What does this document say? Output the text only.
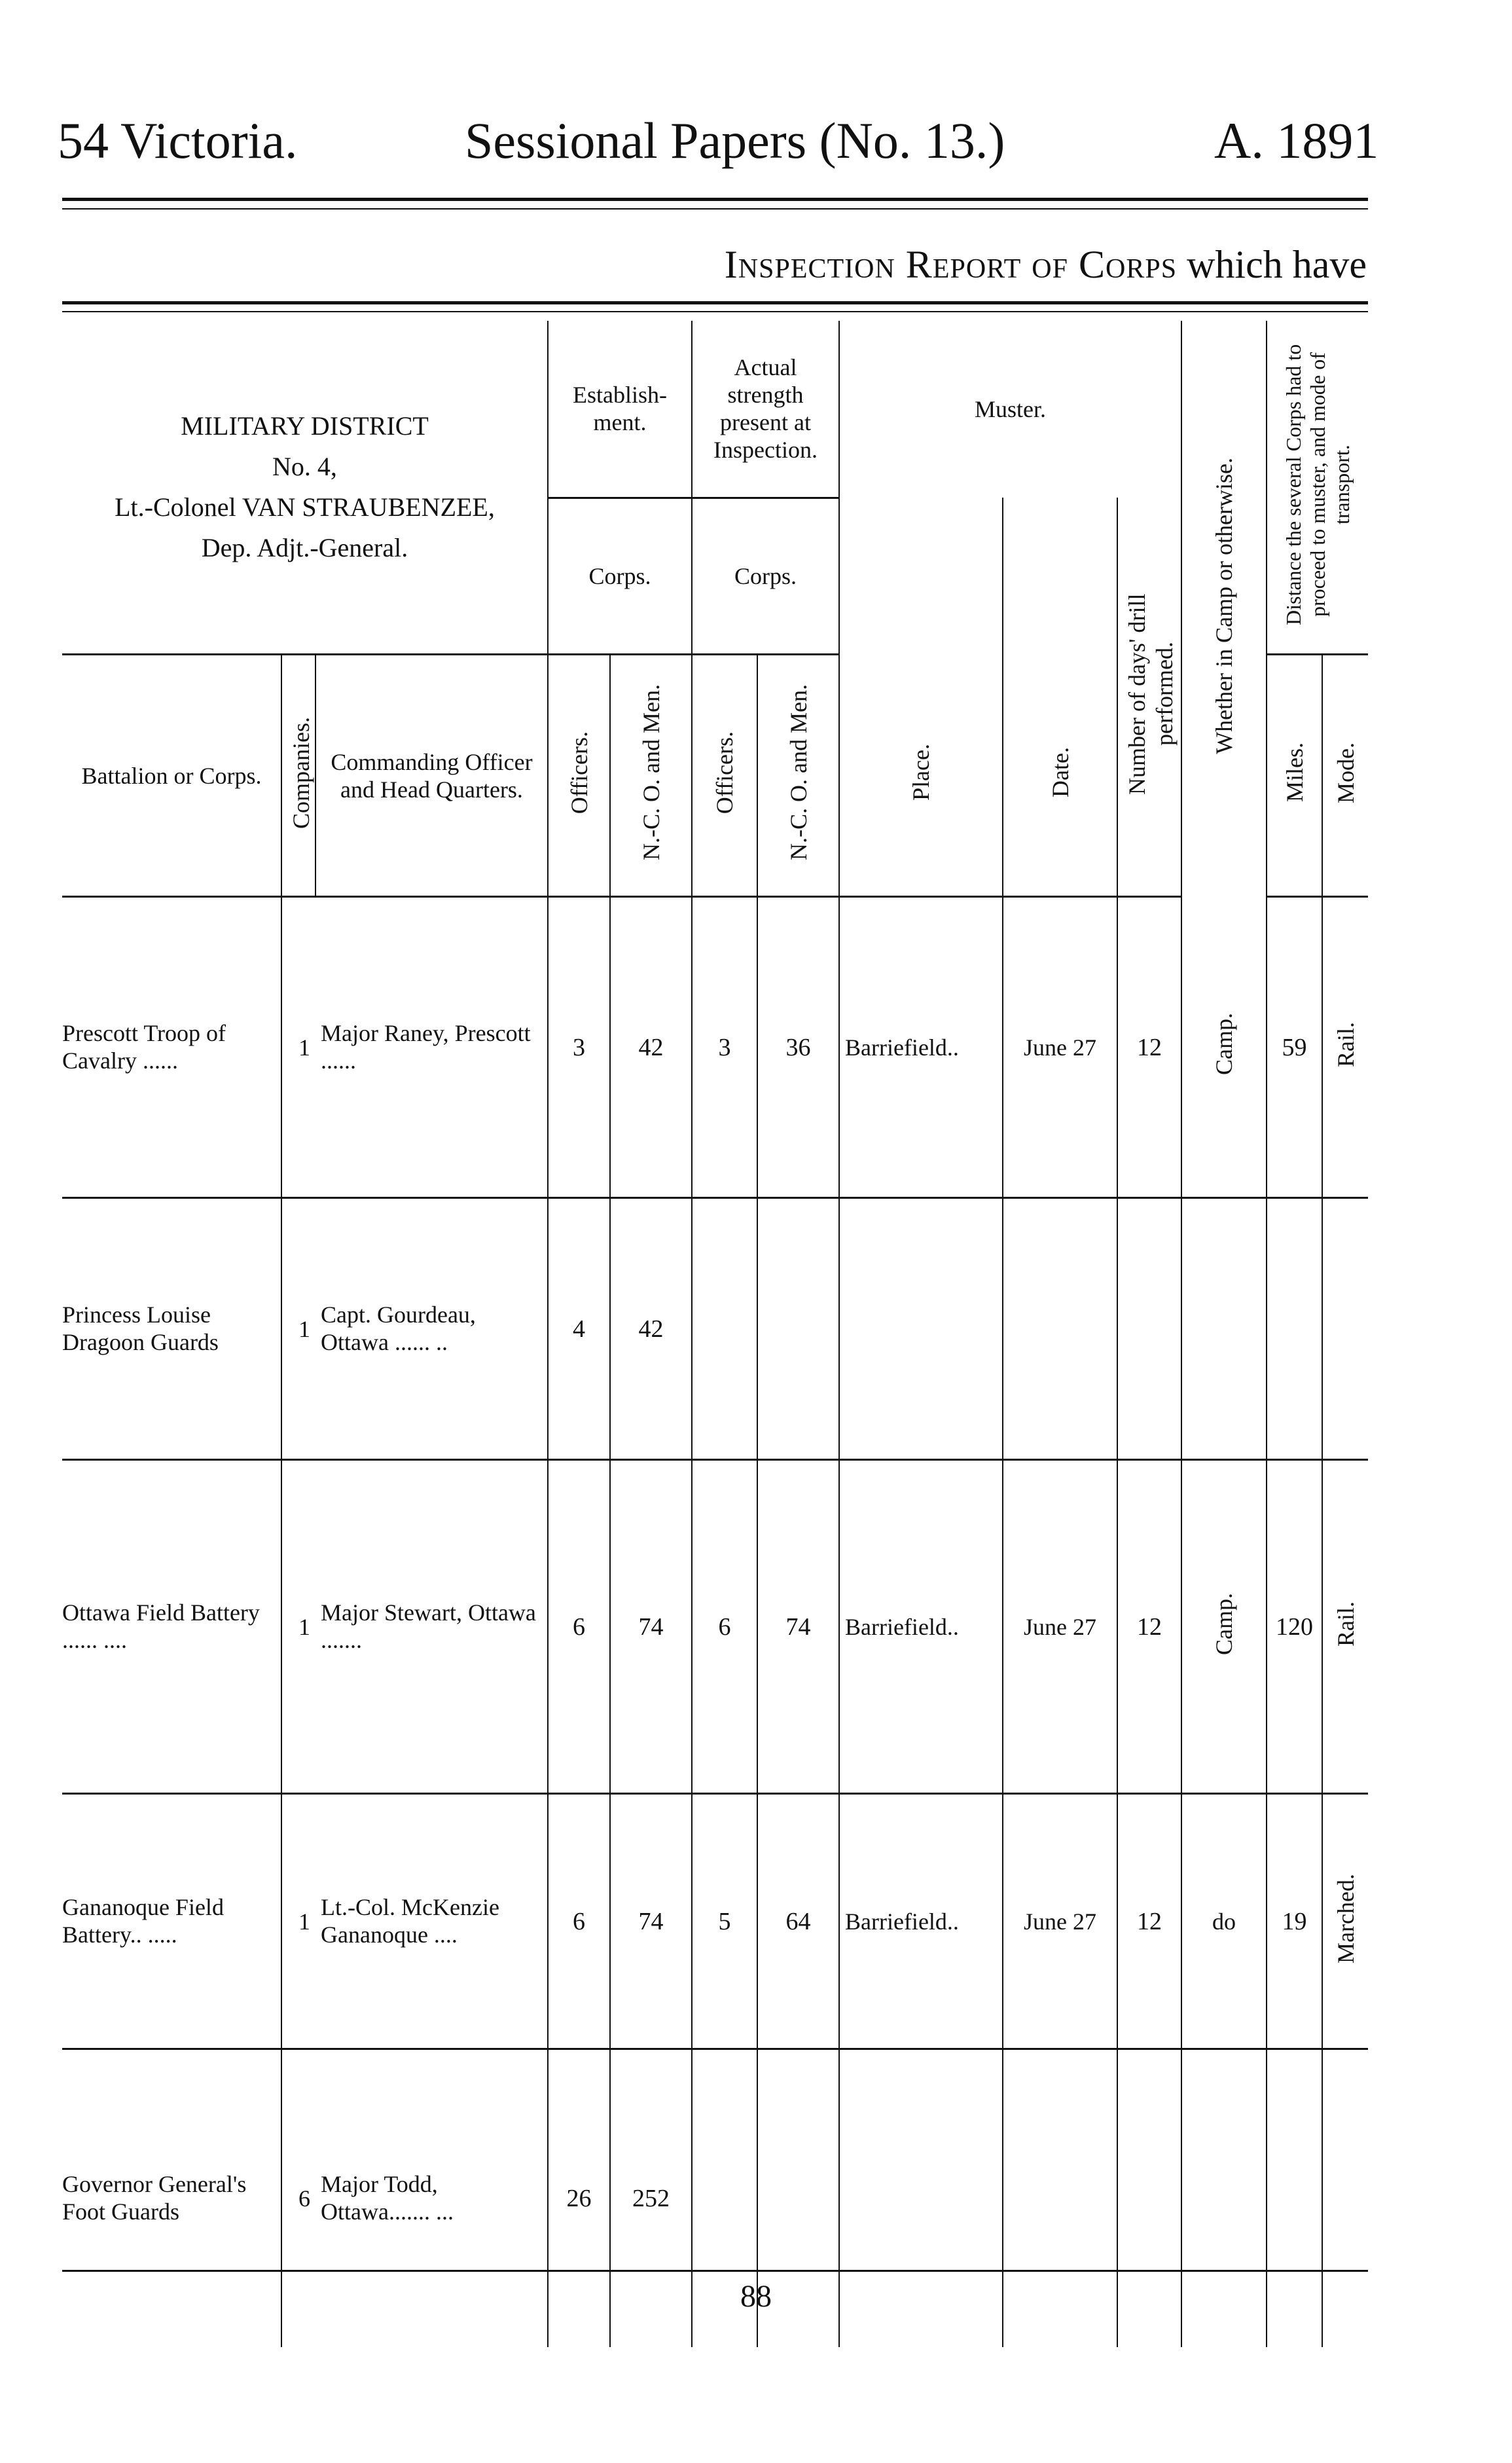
54 Victoria.	Sessional Papers (No. 13.)	A. 1891
Inspection Report of Corps which have
MILITARY DISTRICT
No. 4,
Lt.-Colonel VAN STRAUBENZEE,
Dep. Adjt.-General.			Establish-ment.		Actual strength present at Inspection.		Muster.			Whether in Camp or otherwise.	Distance the several Corps had to proceed to muster, and mode of transport.	
			Corps.		Corps.				Number of days' drill performed.			
Battalion or Corps.	Companies.	Commanding Officer and Head Quarters.	Officers.	N.-C. O. and Men.	Officers.	N.-C. O. and Men.	Place.	Date.			Miles.	Mode.
Prescott Troop of Cavalry ......	1	Major Raney, Prescott ......	3	42	3	36	Barriefield..	June 27	12	Camp.	59	Rail.
Princess Louise Dragoon Guards	1	Capt. Gourdeau, Ottawa ...... ..	4	42								
Ottawa Field Battery ...... ....	1	Major Stewart, Ottawa .......	6	74	6	74	Barriefield..	June 27	12	Camp.	120	Rail.
Gananoque Field Battery.. .....	1	Lt.-Col. McKenzie Gananoque ....	6	74	5	64	Barriefield..	June 27	12	do	19	Marched.
Governor General's Foot Guards	6	Major Todd, Ottawa....... ...	26	252								
88
